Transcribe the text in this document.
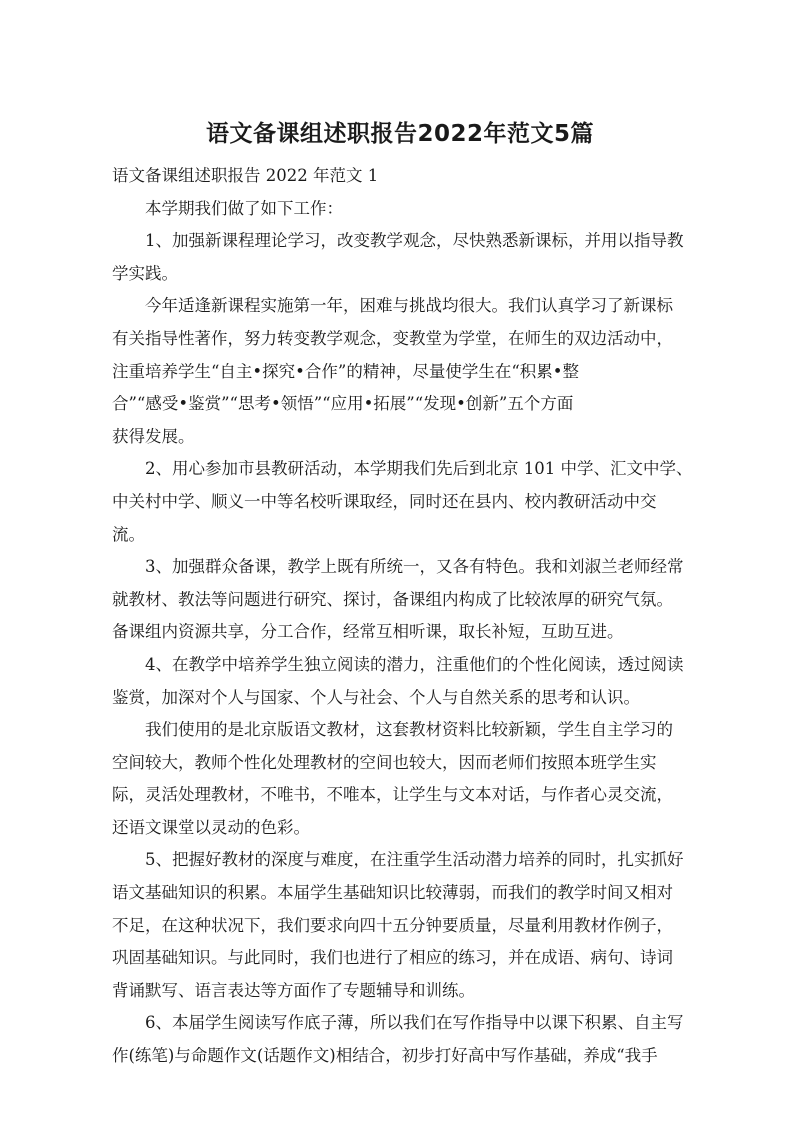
语文备课组述职报告2022年范文5篇
语文备课组述职报告 2022 年范文 1
本学期我们做了如下工作：
1、加强新课程理论学习，改变教学观念，尽快熟悉新课标，并用以指导教
学实践。
今年适逢新课程实施第一年，困难与挑战均很大。我们认真学习了新课标
有关指导性著作，努力转变教学观念，变教堂为学堂，在师生的双边活动中，
注重培养学生“自主•探究•合作”的精神，尽量使学生在“积累•整
合”“感受•鉴赏”“思考•领悟”“应用•拓展”“发现•创新”五个方面
获得发展。
2、用心参加市县教研活动，本学期我们先后到北京 101 中学、汇文中学、
中关村中学、顺义一中等名校听课取经，同时还在县内、校内教研活动中交
流。
3、加强群众备课，教学上既有所统一，又各有特色。我和刘淑兰老师经常
就教材、教法等问题进行研究、探讨，备课组内构成了比较浓厚的研究气氛。
备课组内资源共享，分工合作，经常互相听课，取长补短，互助互进。
4、在教学中培养学生独立阅读的潜力，注重他们的个性化阅读，透过阅读
鉴赏，加深对个人与国家、个人与社会、个人与自然关系的思考和认识。
我们使用的是北京版语文教材，这套教材资料比较新颖，学生自主学习的
空间较大，教师个性化处理教材的空间也较大，因而老师们按照本班学生实
际，灵活处理教材，不唯书，不唯本，让学生与文本对话，与作者心灵交流，
还语文课堂以灵动的色彩。
5、把握好教材的深度与难度，在注重学生活动潜力培养的同时，扎实抓好
语文基础知识的积累。本届学生基础知识比较薄弱，而我们的教学时间又相对
不足，在这种状况下，我们要求向四十五分钟要质量，尽量利用教材作例子，
巩固基础知识。与此同时，我们也进行了相应的练习，并在成语、病句、诗词
背诵默写、语言表达等方面作了专题辅导和训练。
6、本届学生阅读写作底子薄，所以我们在写作指导中以课下积累、自主写
作(练笔)与命题作文(话题作文)相结合，初步打好高中写作基础，养成“我手
